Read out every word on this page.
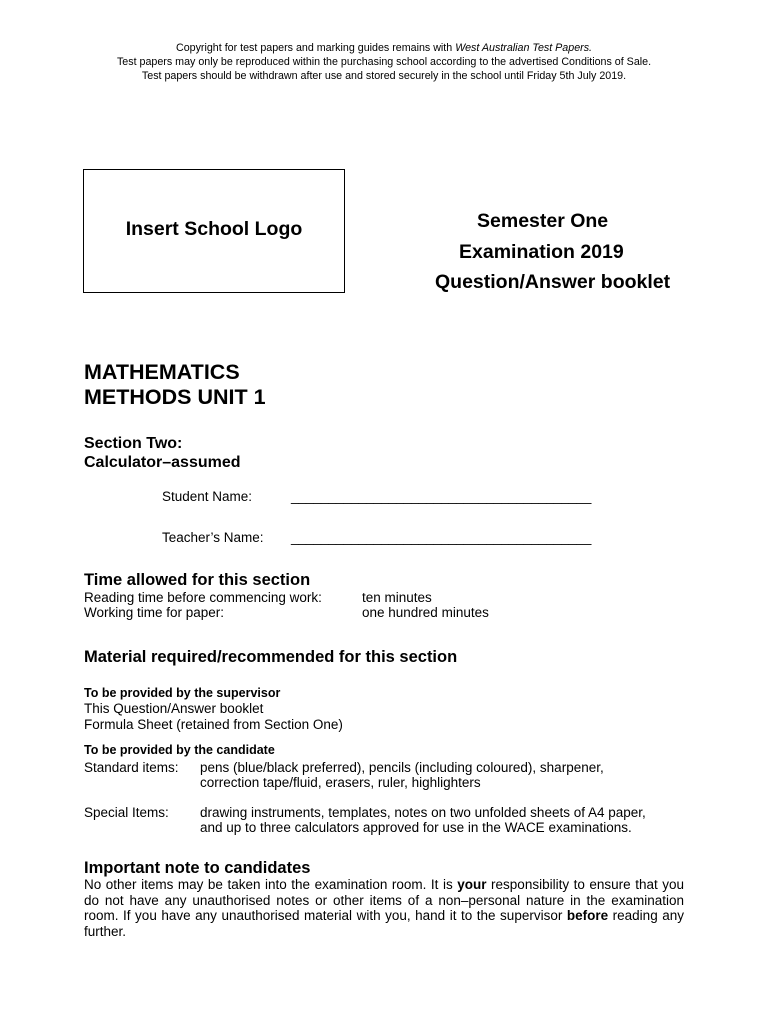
Copyright for test papers and marking guides remains with West Australian Test Papers.
Test papers may only be reproduced within the purchasing school according to the advertised Conditions of Sale.
Test papers should be withdrawn after use and stored securely in the school until Friday 5th July 2019.
Insert School Logo	Semester One
Examination 2019
Question/Answer booklet
MATHEMATICS
METHODS UNIT 1
Section Two:
Calculator–assumed
Student Name:	________________________________________
Teacher’s Name: ________________________________________
Time allowed for this section
Reading time before commencing work:	ten minutes
Working time for paper:	one hundred minutes
Material required/recommended for this section
To be provided by the supervisor
This Question/Answer booklet
Formula Sheet (retained from Section One)
To be provided by the candidate
Standard items: pens (blue/black preferred), pencils (including coloured), sharpener,
correction tape/fluid, erasers, ruler, highlighters
Special Items: drawing instruments, templates, notes on two unfolded sheets of A4 paper,
and up to three calculators approved for use in the WACE examinations.
Important note to candidates
No other items may be taken into the examination room. It is your responsibility to ensure that you do not have any unauthorised notes or other items of a non–personal nature in the examination room. If you have any unauthorised material with you, hand it to the supervisor before reading any further.
